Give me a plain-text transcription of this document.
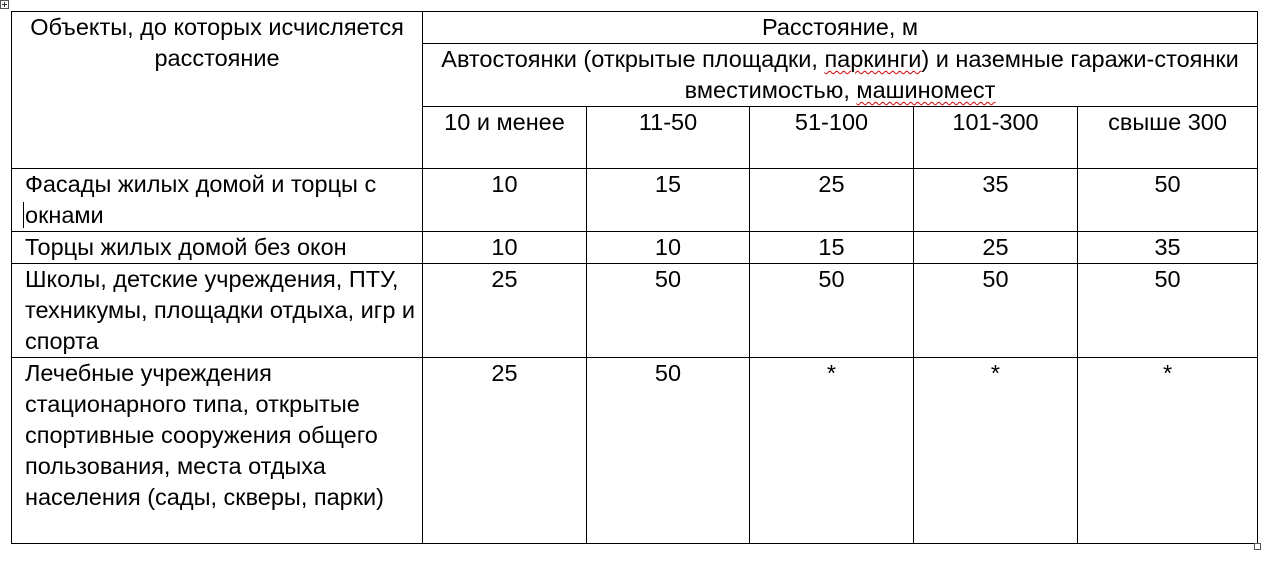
Объекты, до которых исчисляется расстояние	Расстояние, м				
	Автостоянки (открытые площадки, паркинги) и наземные гаражи-стоянки вместимостью, машиномест				
	10 и менее	11-50	51-100	101-300	свыше 300

Фасады жилых домой и торцы с окнами	10	15	25	35	50
Торцы жилых домой без окон	10	10	15	25	35
Школы, детские учреждения, ПТУ, техникумы, площадки отдыха, игр и спорта	25	50	50	50	50
Лечебные учреждения стационарного типа, открытые спортивные сооружения общего пользования, места отдыха населения (сады, скверы, парки)	25	50	*	*	*
